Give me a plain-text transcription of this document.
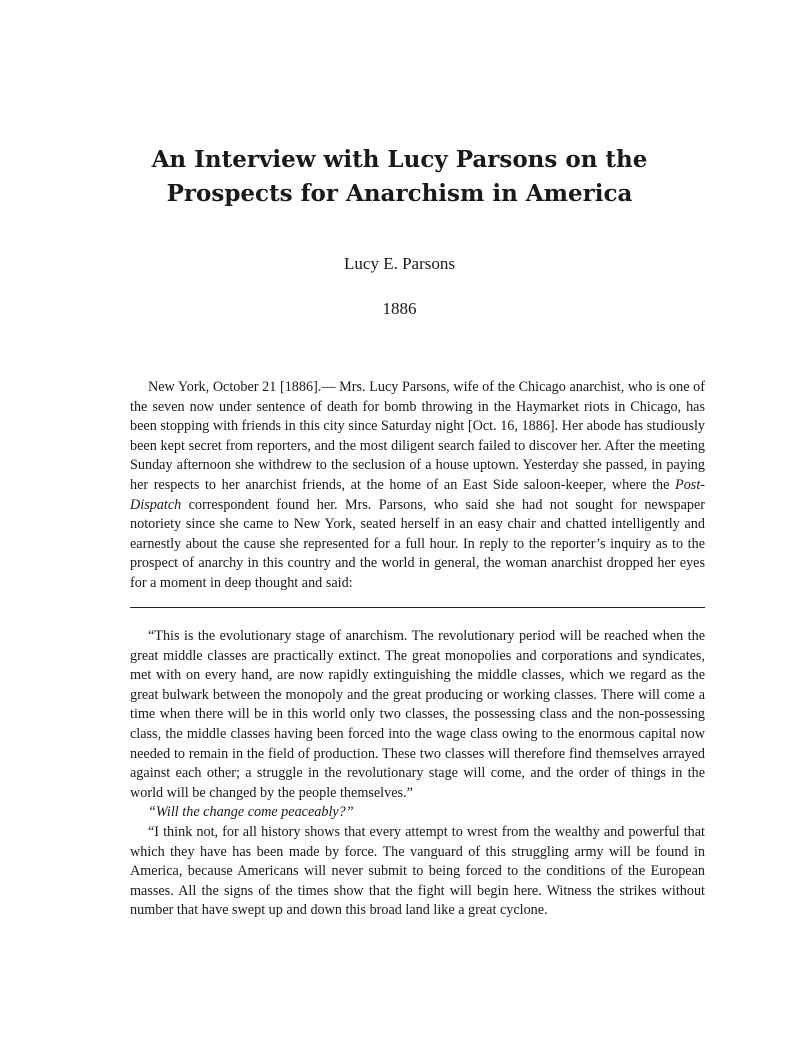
An Interview with Lucy Parsons on the
Prospects for Anarchism in America
Lucy E. Parsons
1886
New York, October 21 [1886].— Mrs. Lucy Parsons, wife of the Chicago anarchist, who is one of the seven now under sentence of death for bomb throwing in the Haymarket riots in Chicago, has been stopping with friends in this city since Saturday night [Oct. 16, 1886]. Her abode has studiously been kept secret from reporters, and the most diligent search failed to discover her. After the meeting Sunday afternoon she withdrew to the seclusion of a house uptown. Yesterday she passed, in paying her respects to her anarchist friends, at the home of an East Side saloon-keeper, where the Post-Dispatch correspondent found her. Mrs. Parsons, who said she had not sought for newspaper notoriety since she came to New York, seated herself in an easy chair and chatted intelligently and earnestly about the cause she represented for a full hour. In reply to the reporter’s inquiry as to the prospect of anarchy in this country and the world in general, the woman anarchist dropped her eyes for a moment in deep thought and said:

“This is the evolutionary stage of anarchism. The revolutionary period will be reached when the great middle classes are practically extinct. The great monopolies and corporations and syndicates, met with on every hand, are now rapidly extinguishing the middle classes, which we regard as the great bulwark between the monopoly and the great producing or working classes. There will come a time when there will be in this world only two classes, the possessing class and the non-possessing class, the middle classes having been forced into the wage class owing to the enormous capital now needed to remain in the field of production. These two classes will therefore find themselves arrayed against each other; a struggle in the revolutionary stage will come, and the order of things in the world will be changed by the people themselves.”

“Will the change come peaceably?”

“I think not, for all history shows that every attempt to wrest from the wealthy and powerful that which they have has been made by force. The vanguard of this struggling army will be found in America, because Americans will never submit to being forced to the conditions of the European masses. All the signs of the times show that the fight will begin here. Witness the strikes without number that have swept up and down this broad land like a great cyclone.
